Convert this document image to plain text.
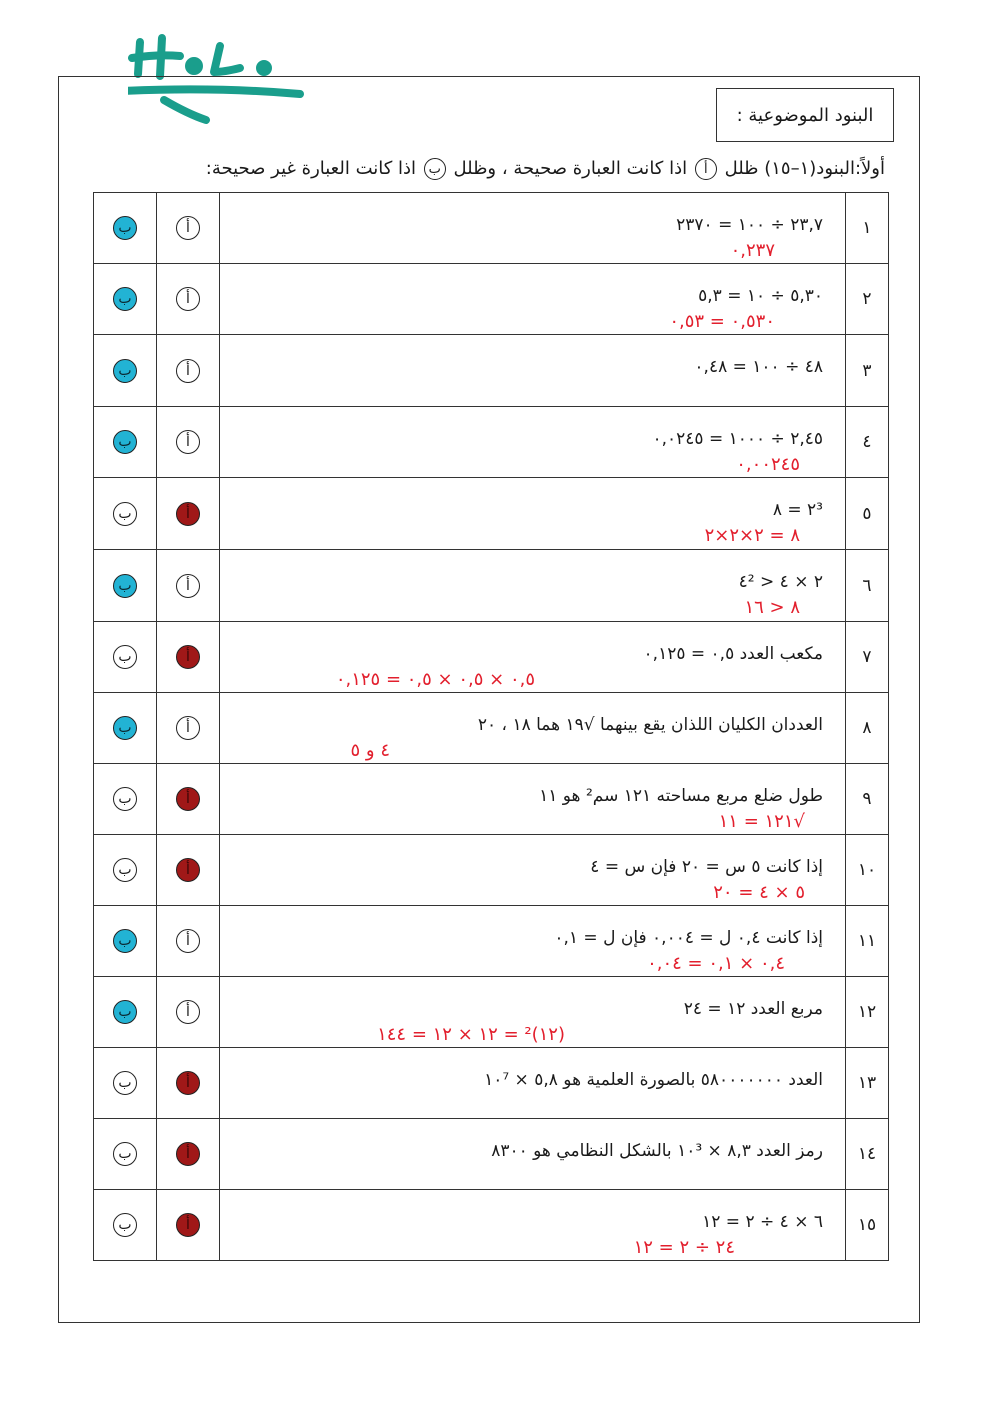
البنود الموضوعية :
أولاً:البنود(١–١٥) ظلل أ اذا كانت العبارة صحيحة ، وظلل ب اذا كانت العبارة غير صحيحة:
ب	أ	٢٣,٧ ÷ ١٠٠ = ٢٣٧٠
٠,٢٣٧	١
ب	أ	٥,٣٠ ÷ ١٠ = ٥,٣
٠,٥٣٠ = ٠,٥٣	٢
ب	أ	٤٨ ÷ ١٠٠ = ٠,٤٨	٣
ب	أ	٢,٤٥ ÷ ١٠٠٠ = ٠,٠٢٤٥
٠,٠٠٢٤٥	٤
ب	أ	٢³ = ٨
٨ = ٢×٢×٢	٥
ب	أ	٢ × ٤ < ٤²
٨ < ١٦	٦
ب	أ	مكعب العدد ٠,٥ = ٠,١٢٥
٠,٥ × ٠,٥ × ٠,٥ = ٠,١٢٥	٧
ب	أ	العددان الكليان اللذان يقع بينهما √١٩ هما ١٨ ، ٢٠
٤ و ٥	٨
ب	أ	طول ضلع مربع مساحته ١٢١ سم² هو ١١
√١٢١ = ١١	٩
ب	أ	إذا كانت ٥ س = ٢٠ فإن س = ٤
٥ × ٤ = ٢٠	١٠
ب	أ	إذا كانت ٠,٤ ل = ٠,٠٠٤ فإن ل = ٠,١
٠,٤ × ٠,١ = ٠,٠٤	١١
ب	أ	مربع العدد ١٢ = ٢٤
(١٢)² = ١٢ × ١٢ = ١٤٤	١٢
ب	أ	العدد ٥٨٠٠٠٠٠٠٠ بالصورة العلمية هو ٥,٨ × ١٠⁷	١٣
ب	أ	رمز العدد ٨,٣ × ١٠³ بالشكل النظامي هو ٨٣٠٠	١٤
ب	أ	٦ × ٤ ÷ ٢ = ١٢
٢٤ ÷ ٢ = ١٢	١٥
